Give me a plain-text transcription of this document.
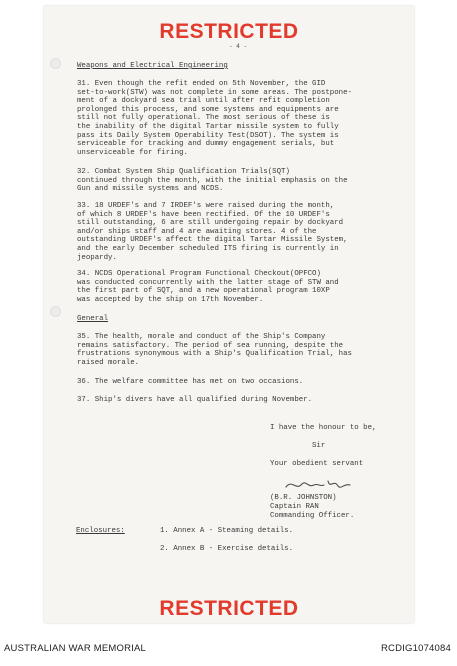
RESTRICTED
- 4 -
Weapons and Electrical Engineering
31. Even though the refit ended on 5th November, the GID
set-to-work(STW) was not complete in some areas. The postpone-
ment of a dockyard sea trial until after refit completion
prolonged this process, and some systems and equipments are
still not fully operational. The most serious of these is
the inability of the digital Tartar missile system to fully
pass its Daily System Operability Test(DSOT). The system is
serviceable for tracking and dummy engagement serials, but
unserviceable for firing.
32. Combat System Ship Qualification Trials(SQT)
continued through the month, with the initial emphasis on the
Gun and missile systems and NCDS.
33. 18 URDEF's and 7 IRDEF's were raised during the month,
of which 8 URDEF's have been rectified. Of the 10 URDEF's
still outstanding, 6 are still undergoing repair by dockyard
and/or ships staff and 4 are awaiting stores. 4 of the
outstanding URDEF's affect the digital Tartar Missile System,
and the early December scheduled ITS firing is currently in
jeopardy.
34. NCDS Operational Program Functional Checkout(OPFCO)
was conducted concurrently with the latter stage of STW and
the first part of SQT, and a new operational program 10XP
was accepted by the ship on 17th November.
General
35. The health, morale and conduct of the Ship's Company
remains satisfactory. The period of sea running, despite the
frustrations synonymous with a Ship's Qualification Trial, has
raised morale.
36. The welfare committee has met on two occasions.
37. Ship's divers have all qualified during November.
I have the honour to be,
Sir
Your obedient servant
(B.R. JOHNSTON)
Captain RAN
Commanding Officer.
Enclosures:	1. Annex A - Steaming details.
2. Annex B - Exercise details.
RESTRICTED
AUSTRALIAN WAR MEMORIAL	RCDIG1074084
